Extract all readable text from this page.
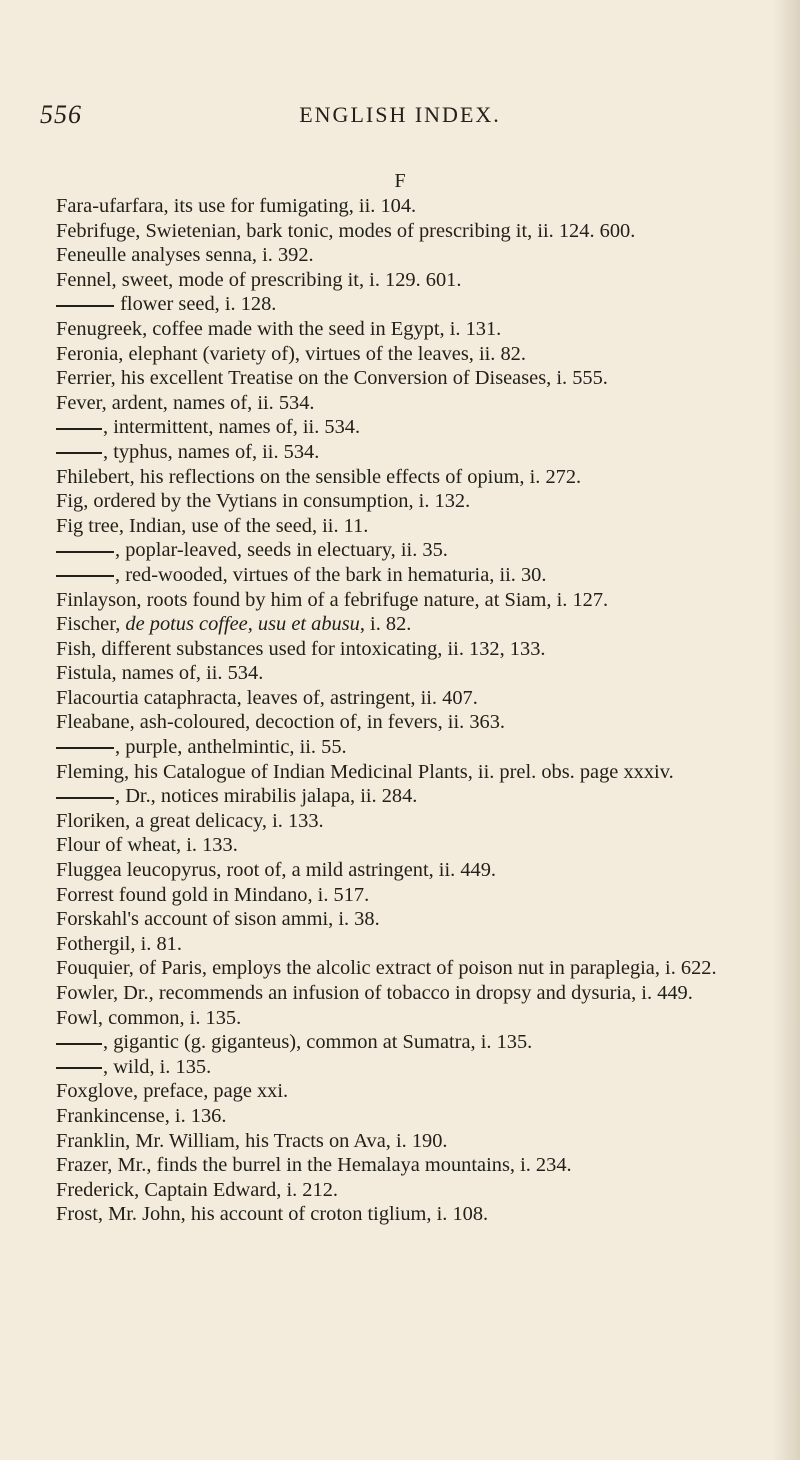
556	ENGLISH INDEX.
F

Fara-ufarfara, its use for fumigating, ii. 104.

Febrifuge, Swietenian, bark tonic, modes of prescribing it, ii. 124. 600.

Feneulle analyses senna, i. 392.

Fennel, sweet, mode of prescribing it, i. 129. 601.

flower seed, i. 128.

Fenugreek, coffee made with the seed in Egypt, i. 131.

Feronia, elephant (variety of), virtues of the leaves, ii. 82.

Ferrier, his excellent Treatise on the Conversion of Diseases, i. 555.

Fever, ardent, names of, ii. 534.

, intermittent, names of, ii. 534.

, typhus, names of, ii. 534.

Fhilebert, his reflections on the sensible effects of opium, i. 272.

Fig, ordered by the Vytians in consumption, i. 132.

Fig tree, Indian, use of the seed, ii. 11.

, poplar-leaved, seeds in electuary, ii. 35.

, red-wooded, virtues of the bark in hematuria, ii. 30.

Finlayson, roots found by him of a febrifuge nature, at Siam, i. 127.

Fischer, de potus coffee, usu et abusu, i. 82.

Fish, different substances used for intoxicating, ii. 132, 133.

Fistula, names of, ii. 534.

Flacourtia cataphracta, leaves of, astringent, ii. 407.

Fleabane, ash-coloured, decoction of, in fevers, ii. 363.

, purple, anthelmintic, ii. 55.

Fleming, his Catalogue of Indian Medicinal Plants, ii. prel. obs. page xxxiv.

, Dr., notices mirabilis jalapa, ii. 284.

Floriken, a great delicacy, i. 133.

Flour of wheat, i. 133.

Fluggea leucopyrus, root of, a mild astringent, ii. 449.

Forrest found gold in Mindano, i. 517.

Forskahl's account of sison ammi, i. 38.

Fothergil, i. 81.

Fouquier, of Paris, employs the alcolic extract of poison nut in paraplegia, i. 622.

Fowler, Dr., recommends an infusion of tobacco in dropsy and dysuria, i. 449.

Fowl, common, i. 135.

, gigantic (g. giganteus), common at Sumatra, i. 135.

, wild, i. 135.

Foxglove, preface, page xxi.

Frankincense, i. 136.

Franklin, Mr. William, his Tracts on Ava, i. 190.

Frazer, Mr., finds the burrel in the Hemalaya mountains, i. 234.

Frederick, Captain Edward, i. 212.

Frost, Mr. John, his account of croton tiglium, i. 108.
